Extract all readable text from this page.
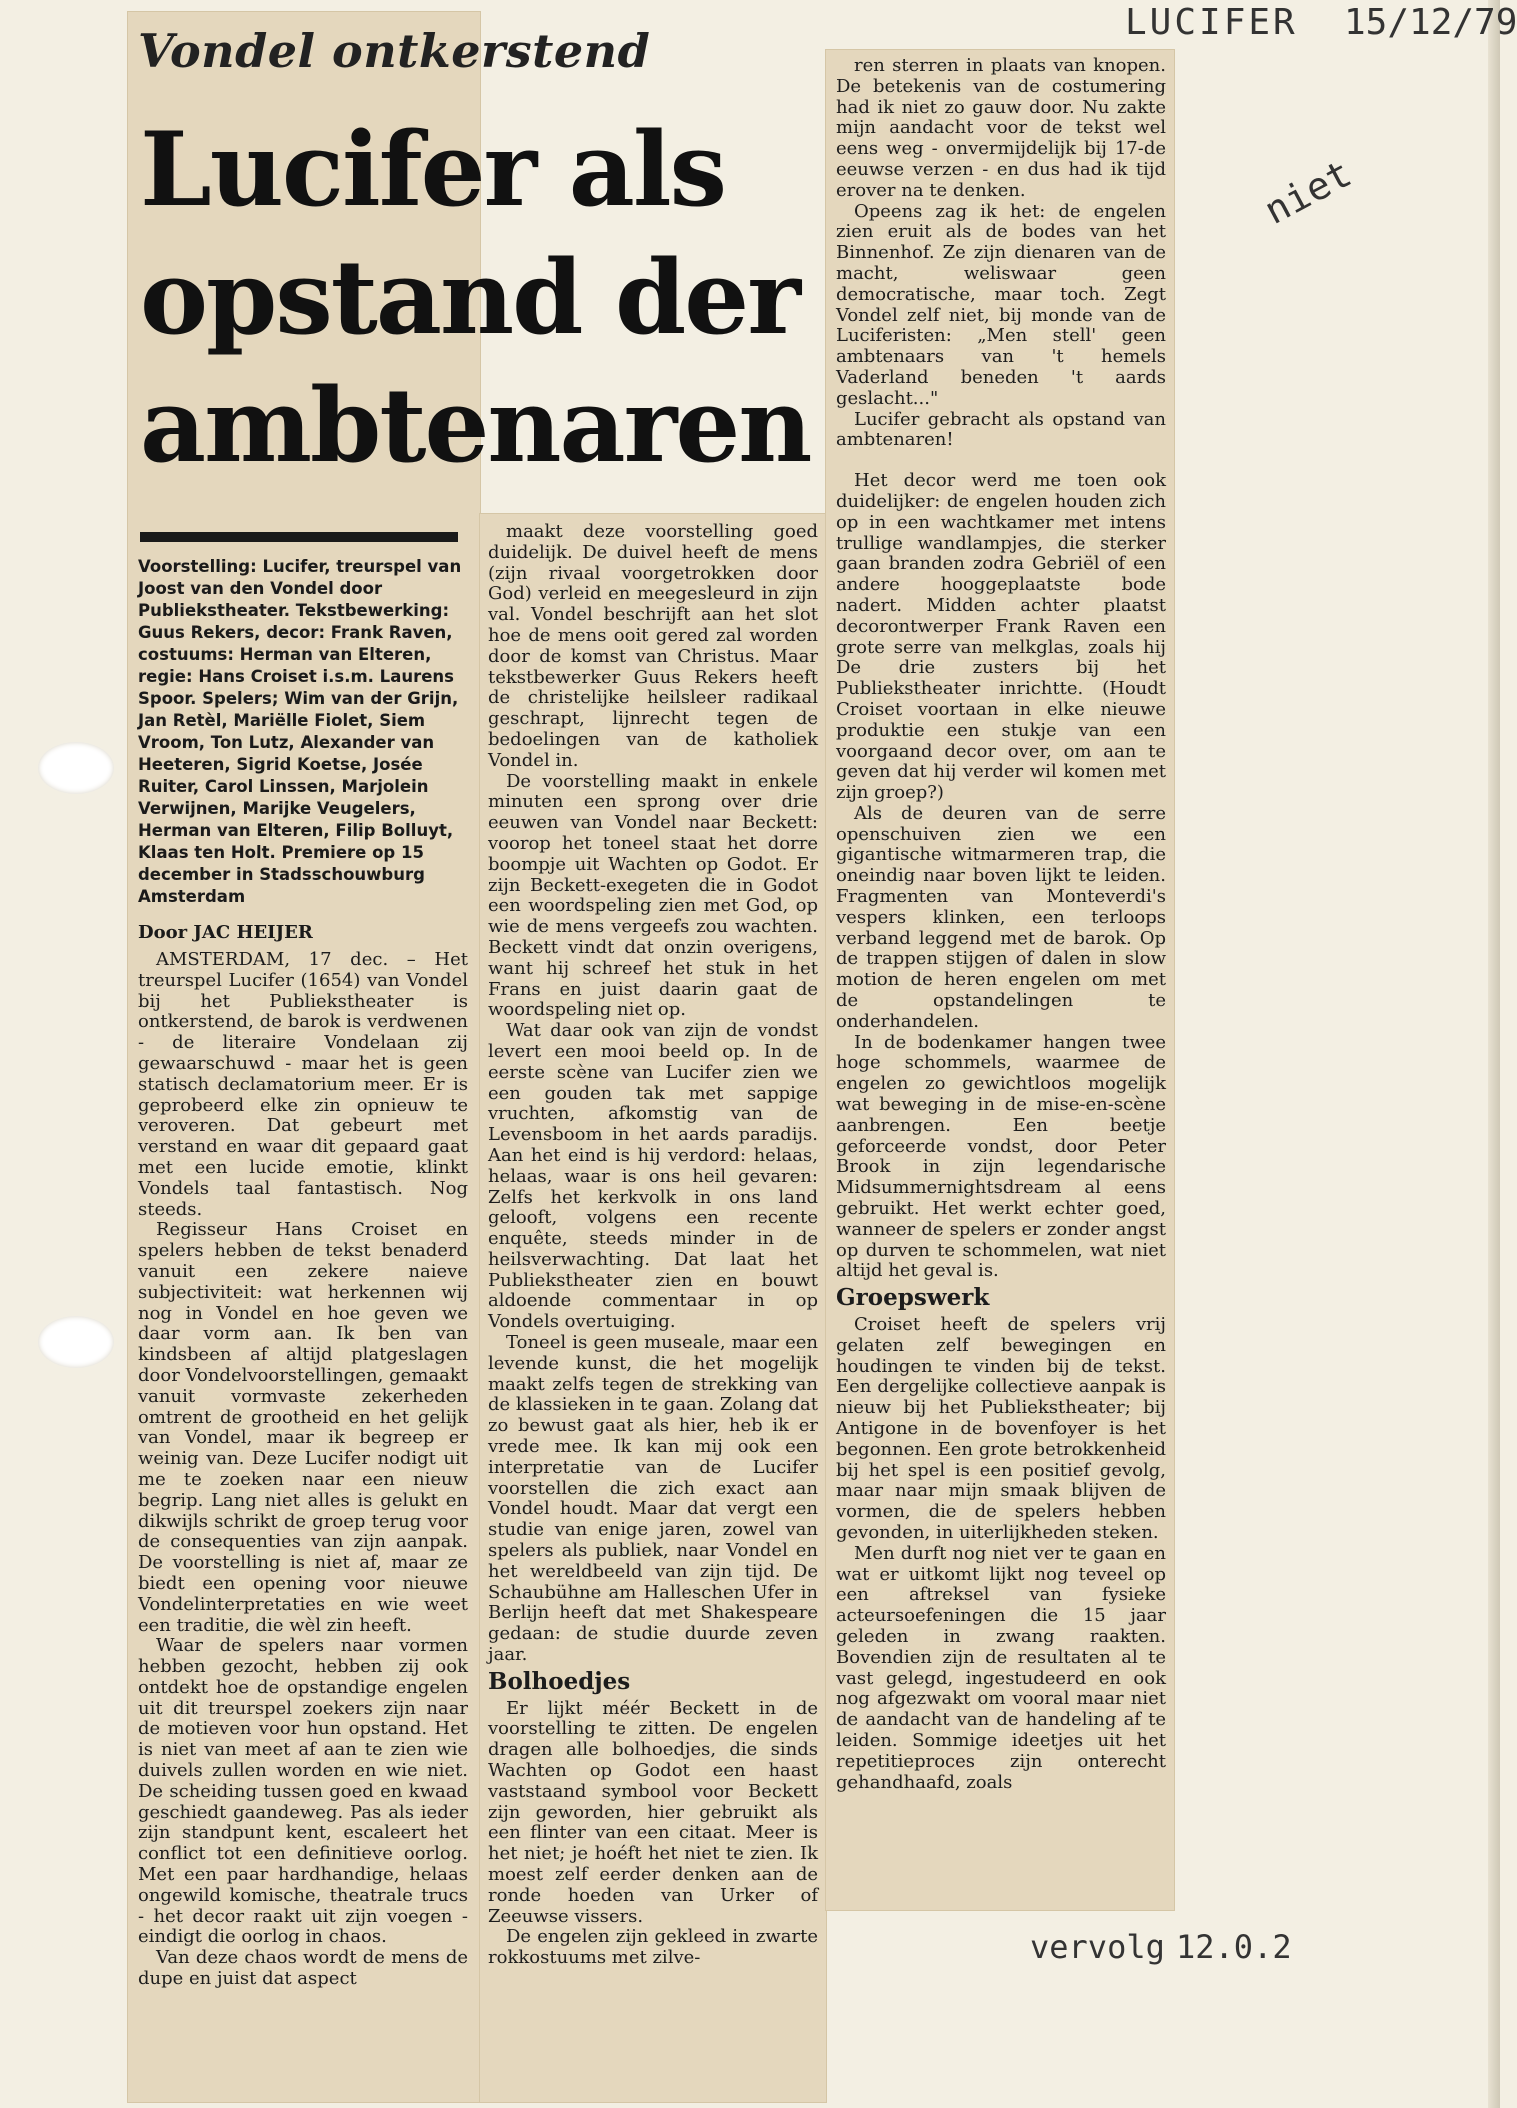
LUCIFER 15/12/79
niet
vervolg 12.0.2
Vondel ontkerstend
Lucifer als opstand der ambtenaren

Voorstelling: Lucifer, treurspel van Joost van den Vondel door Publiekstheater. Tekstbewerking: Guus Rekers, decor: Frank Raven, costuums: Herman van Elteren, regie: Hans Croiset i.s.m. Laurens Spoor. Spelers; Wim van der Grijn, Jan Retèl, Mariëlle Fiolet, Siem Vroom, Ton Lutz, Alexander van Heeteren, Sigrid Koetse, Josée Ruiter, Carol Linssen, Marjolein Verwijnen, Marijke Veugelers, Herman van Elteren, Filip Bolluyt, Klaas ten Holt. Premiere op 15 december in Stadsschouwburg Amsterdam

Door JAC HEIJER

AMSTERDAM, 17 dec. – Het treurspel Lucifer (1654) van Vondel bij het Publiekstheater is ontkerstend, de barok is verdwenen - de literaire Vondelaan zij gewaarschuwd - maar het is geen statisch declamatorium meer. Er is geprobeerd elke zin opnieuw te veroveren. Dat gebeurt met verstand en waar dit gepaard gaat met een lucide emotie, klinkt Vondels taal fantastisch. Nog steeds.

Regisseur Hans Croiset en spelers hebben de tekst benaderd vanuit een zekere naieve subjectiviteit: wat herkennen wij nog in Vondel en hoe geven we daar vorm aan. Ik ben van kindsbeen af altijd platgeslagen door Vondelvoorstellingen, gemaakt vanuit vormvaste zekerheden omtrent de grootheid en het gelijk van Vondel, maar ik begreep er weinig van. Deze Lucifer nodigt uit me te zoeken naar een nieuw begrip. Lang niet alles is gelukt en dikwijls schrikt de groep terug voor de consequenties van zijn aanpak. De voorstelling is niet af, maar ze biedt een opening voor nieuwe Vondelinterpretaties en wie weet een traditie, die wèl zin heeft.

Waar de spelers naar vormen hebben gezocht, hebben zij ook ontdekt hoe de opstandige engelen uit dit treurspel zoekers zijn naar de motieven voor hun opstand. Het is niet van meet af aan te zien wie duivels zullen worden en wie niet. De scheiding tussen goed en kwaad geschiedt gaandeweg. Pas als ieder zijn standpunt kent, escaleert het conflict tot een definitieve oorlog. Met een paar hardhandige, helaas ongewild komische, theatrale trucs - het decor raakt uit zijn voegen - eindigt die oorlog in chaos.

Van deze chaos wordt de mens de dupe en juist dat aspect

maakt deze voorstelling goed duidelijk. De duivel heeft de mens (zijn rivaal voorgetrokken door God) verleid en meegesleurd in zijn val. Vondel beschrijft aan het slot hoe de mens ooit gered zal worden door de komst van Christus. Maar tekstbewerker Guus Rekers heeft de christelijke heilsleer radikaal geschrapt, lijnrecht tegen de bedoelingen van de katholiek Vondel in.

De voorstelling maakt in enkele minuten een sprong over drie eeuwen van Vondel naar Beckett: voorop het toneel staat het dorre boompje uit Wachten op Godot. Er zijn Beckett-exegeten die in Godot een woordspeling zien met God, op wie de mens vergeefs zou wachten. Beckett vindt dat onzin overigens, want hij schreef het stuk in het Frans en juist daarin gaat de woordspeling niet op.

Wat daar ook van zijn de vondst levert een mooi beeld op. In de eerste scène van Lucifer zien we een gouden tak met sappige vruchten, afkomstig van de Levensboom in het aards paradijs. Aan het eind is hij verdord: helaas, helaas, waar is ons heil gevaren: Zelfs het kerkvolk in ons land gelooft, volgens een recente enquête, steeds minder in de heilsverwachting. Dat laat het Publiekstheater zien en bouwt aldoende commentaar in op Vondels overtuiging.

Toneel is geen museale, maar een levende kunst, die het mogelijk maakt zelfs tegen de strekking van de klassieken in te gaan. Zolang dat zo bewust gaat als hier, heb ik er vrede mee. Ik kan mij ook een interpretatie van de Lucifer voorstellen die zich exact aan Vondel houdt. Maar dat vergt een studie van enige jaren, zowel van spelers als publiek, naar Vondel en het wereldbeeld van zijn tijd. De Schaubühne am Halleschen Ufer in Berlijn heeft dat met Shakespeare gedaan: de studie duurde zeven jaar.

Bolhoedjes

Er lijkt méér Beckett in de voorstelling te zitten. De engelen dragen alle bolhoedjes, die sinds Wachten op Godot een haast vaststaand symbool voor Beckett zijn geworden, hier gebruikt als een flinter van een citaat. Meer is het niet; je hoéft het niet te zien. Ik moest zelf eerder denken aan de ronde hoeden van Urker of Zeeuwse vissers.

De engelen zijn gekleed in zwarte rokkostuums met zilve-

ren sterren in plaats van knopen. De betekenis van de costumering had ik niet zo gauw door. Nu zakte mijn aandacht voor de tekst wel eens weg - onvermijdelijk bij 17-de eeuwse verzen - en dus had ik tijd erover na te denken.

Opeens zag ik het: de engelen zien eruit als de bodes van het Binnenhof. Ze zijn dienaren van de macht, weliswaar geen democratische, maar toch. Zegt Vondel zelf niet, bij monde van de Luciferisten: „Men stell' geen ambtenaars van 't hemels Vaderland beneden 't aards geslacht..."

Lucifer gebracht als opstand van ambtenaren!

Het decor werd me toen ook duidelijker: de engelen houden zich op in een wachtkamer met intens trullige wandlampjes, die sterker gaan branden zodra Gebriël of een andere hooggeplaatste bode nadert. Midden achter plaatst decorontwerper Frank Raven een grote serre van melkglas, zoals hij De drie zusters bij het Publiekstheater inrichtte. (Houdt Croiset voortaan in elke nieuwe produktie een stukje van een voorgaand decor over, om aan te geven dat hij verder wil komen met zijn groep?)

Als de deuren van de serre openschuiven zien we een gigantische witmarmeren trap, die oneindig naar boven lijkt te leiden. Fragmenten van Monteverdi's vespers klinken, een terloops verband leggend met de barok. Op de trappen stijgen of dalen in slow motion de heren engelen om met de opstandelingen te onderhandelen.

In de bodenkamer hangen twee hoge schommels, waarmee de engelen zo gewichtloos mogelijk wat beweging in de mise-en-scène aanbrengen. Een beetje geforceerde vondst, door Peter Brook in zijn legendarische Midsummernightsdream al eens gebruikt. Het werkt echter goed, wanneer de spelers er zonder angst op durven te schommelen, wat niet altijd het geval is.

Groepswerk

Croiset heeft de spelers vrij gelaten zelf bewegingen en houdingen te vinden bij de tekst. Een dergelijke collectieve aanpak is nieuw bij het Publiekstheater; bij Antigone in de bovenfoyer is het begonnen. Een grote betrokkenheid bij het spel is een positief gevolg, maar naar mijn smaak blijven de vormen, die de spelers hebben gevonden, in uiterlijkheden steken.

Men durft nog niet ver te gaan en wat er uitkomt lijkt nog teveel op een aftreksel van fysieke acteursoefeningen die 15 jaar geleden in zwang raakten. Bovendien zijn de resultaten al te vast gelegd, ingestudeerd en ook nog afgezwakt om vooral maar niet de aandacht van de handeling af te leiden. Sommige ideetjes uit het repetitieproces zijn onterecht gehandhaafd, zoals
